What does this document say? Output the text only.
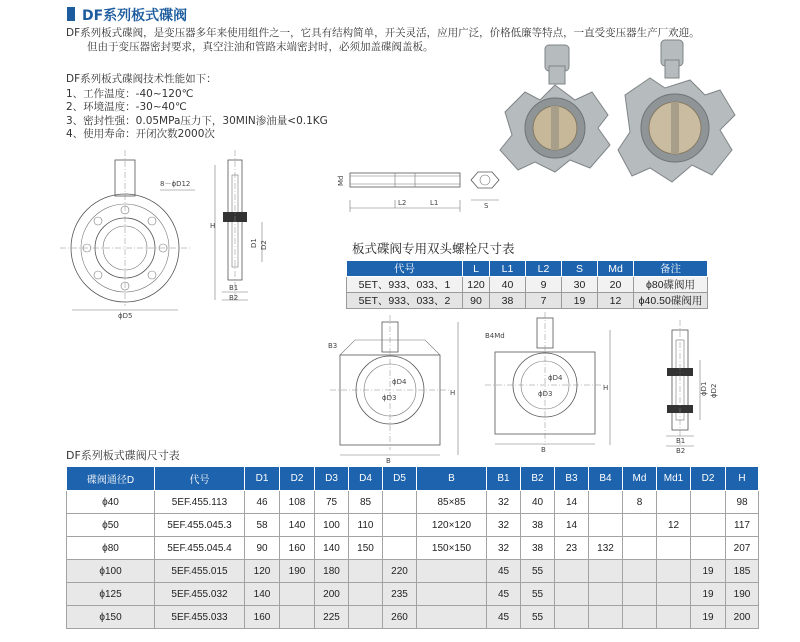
DF系列板式碟阀
DF系列板式碟阀，是变压器多年来使用组件之一，它具有结构简单，开关灵活，应用广泛，价格低廉等特点，一直受变压器生产厂欢迎。
但由于变压器密封要求，真空注油和管路末端密封时，必须加盖碟阀盖板。
DF系列板式碟阀技术性能如下：
1、工作温度：-40~120℃
2、环境温度：-30~40℃
3、密封性强：0.05MPa压力下，30MIN渗油量<0.1KG
4、使用寿命：开闭次数2000次
8－ϕD12
ϕD5
H
D1 D2
B1
B2
Md
L2	L1	S
B3
ϕD4
ϕD3
H
B
B4Md
ϕD4
ϕD3
H
B
ϕD1 ϕD2
B1
B2
板式碟阀专用双头螺栓尺寸表
代号	L	L1	L2	S	Md	备注
5ET、933、033、1	120	40	9	30	20	ϕ80碟阀用
5ET、933、033、2	90	38	7	19	12	ϕ40.50碟阀用
DF系列板式碟阀尺寸表
碟阀通径D	代号	D1	D2	D3	D4	D5	B	B1	B2	B3	B4	Md	Md1	D2	H
ϕ40	5EF.455.113	46	108	75	85		85×85	32	40	14		8			98
ϕ50	5EF.455.045.3	58	140	100	110		120×120	32	38	14			12		117
ϕ80	5EF.455.045.4	90	160	140	150		150×150	32	38	23	132				207
ϕ100	5EF.455.015	120	190	180		220		45	55					19	185
ϕ125	5EF.455.032	140		200		235		45	55					19	190
ϕ150	5EF.455.033	160		225		260		45	55					19	200
